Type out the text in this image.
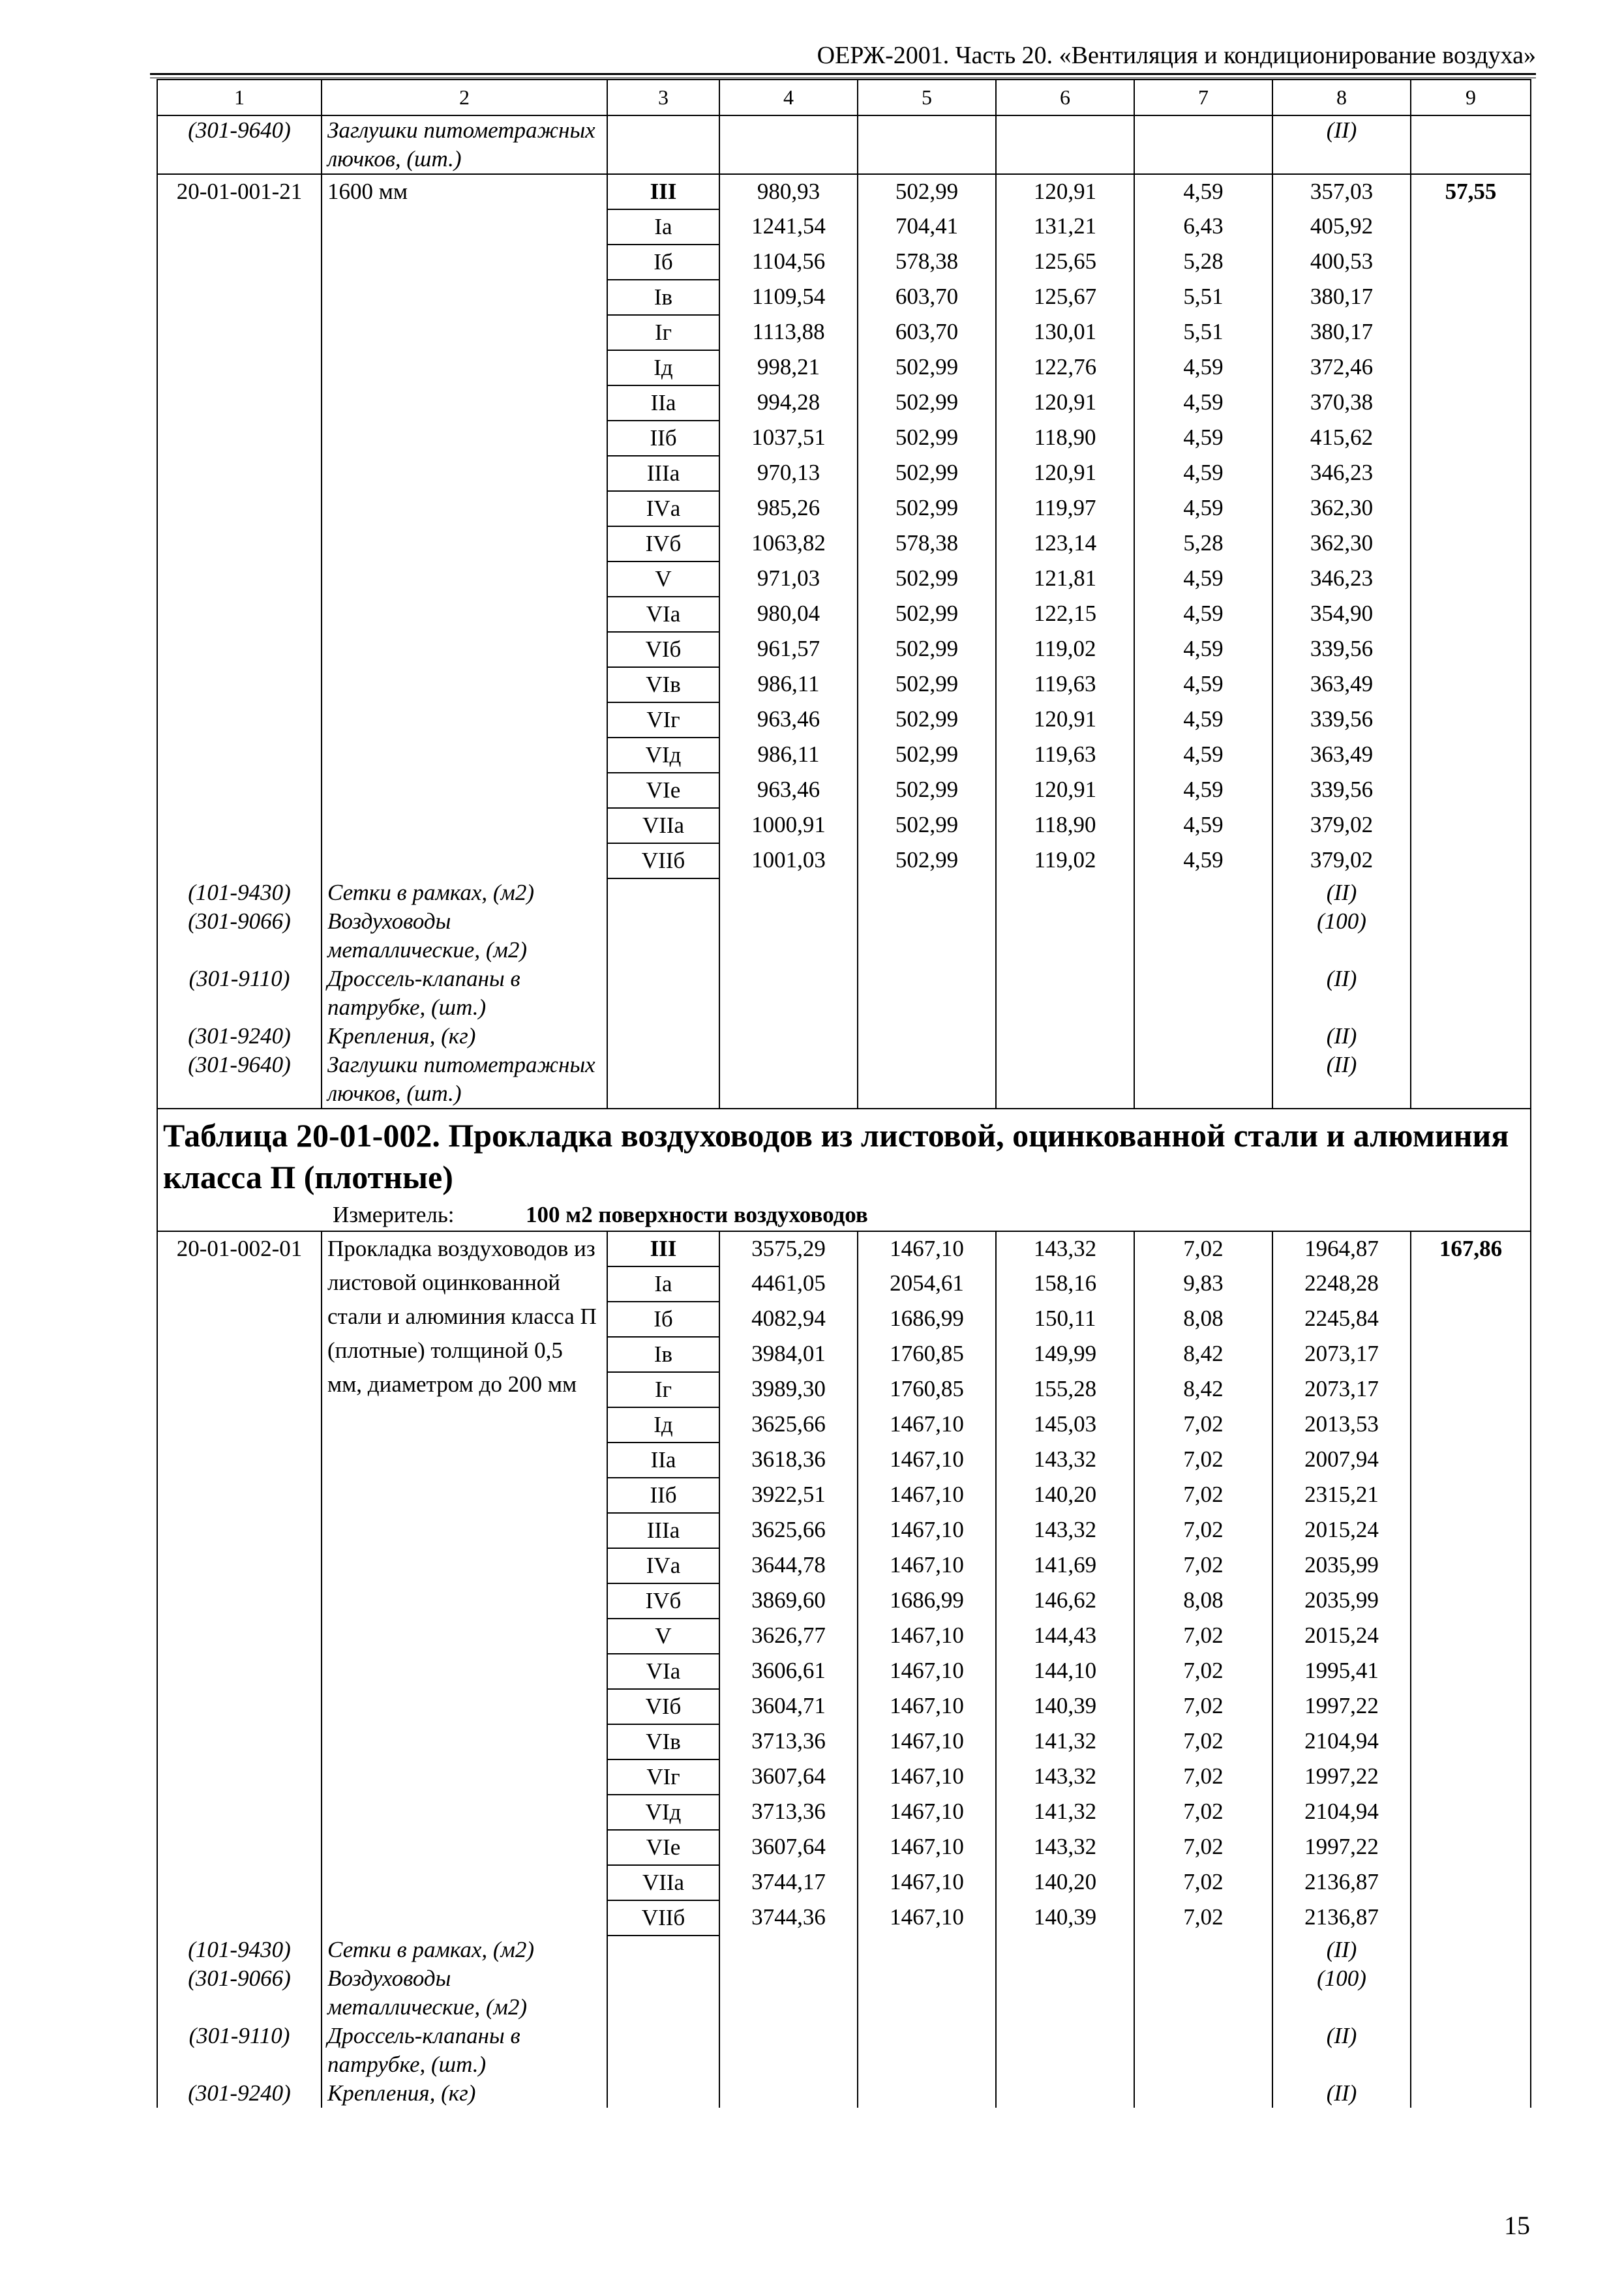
ОЕРЖ-2001. Часть 20. «Вентиляция и кондиционирование воздуха»
1	2	3	4	5	6	7	8	9
(301-9640)	Заглушки питометражных лючков, (шт.)						(II)	
20-01-001-21	1600 мм	III	980,93	502,99	120,91	4,59	357,03	57,55
		Iа	1241,54	704,41	131,21	6,43	405,92	
		Iб	1104,56	578,38	125,65	5,28	400,53	
		Iв	1109,54	603,70	125,67	5,51	380,17	
		Iг	1113,88	603,70	130,01	5,51	380,17	
		Iд	998,21	502,99	122,76	4,59	372,46	
		IIа	994,28	502,99	120,91	4,59	370,38	
		IIб	1037,51	502,99	118,90	4,59	415,62	
		IIIа	970,13	502,99	120,91	4,59	346,23	
		IVа	985,26	502,99	119,97	4,59	362,30	
		IVб	1063,82	578,38	123,14	5,28	362,30	
		V	971,03	502,99	121,81	4,59	346,23	
		VIа	980,04	502,99	122,15	4,59	354,90	
		VIб	961,57	502,99	119,02	4,59	339,56	
		VIв	986,11	502,99	119,63	4,59	363,49	
		VIг	963,46	502,99	120,91	4,59	339,56	
		VIд	986,11	502,99	119,63	4,59	363,49	
		VIе	963,46	502,99	120,91	4,59	339,56	
		VIIа	1000,91	502,99	118,90	4,59	379,02	
		VIIб	1001,03	502,99	119,02	4,59	379,02	
(101-9430)	Сетки в рамках, (м2)						(II)	
(301-9066)	Воздуховоды металлические, (м2)						(100)	
(301-9110)	Дроссель-клапаны в патрубке, (шт.)						(II)	
(301-9240)	Крепления, (кг)						(II)	
(301-9640)	Заглушки питометражных лючков, (шт.)						(II)	
Таблица 20-01-002. Прокладка воздуховодов из листовой, оцинкованной стали и алюминия класса П (плотные)								
Измеритель: 100 м2 поверхности воздуховодов								
20-01-002-01	Прокладка воздуховодов из листовой оцинкованной стали и алюминия класса П (плотные) толщиной 0,5 мм, диаметром до 200 мм	III	3575,29	1467,10	143,32	7,02	1964,87	167,86
		Iа	4461,05	2054,61	158,16	9,83	2248,28	
		Iб	4082,94	1686,99	150,11	8,08	2245,84	
		Iв	3984,01	1760,85	149,99	8,42	2073,17	
		Iг	3989,30	1760,85	155,28	8,42	2073,17	
		Iд	3625,66	1467,10	145,03	7,02	2013,53	
		IIа	3618,36	1467,10	143,32	7,02	2007,94	
		IIб	3922,51	1467,10	140,20	7,02	2315,21	
		IIIа	3625,66	1467,10	143,32	7,02	2015,24	
		IVа	3644,78	1467,10	141,69	7,02	2035,99	
		IVб	3869,60	1686,99	146,62	8,08	2035,99	
		V	3626,77	1467,10	144,43	7,02	2015,24	
		VIа	3606,61	1467,10	144,10	7,02	1995,41	
		VIб	3604,71	1467,10	140,39	7,02	1997,22	
		VIв	3713,36	1467,10	141,32	7,02	2104,94	
		VIг	3607,64	1467,10	143,32	7,02	1997,22	
		VIд	3713,36	1467,10	141,32	7,02	2104,94	
		VIе	3607,64	1467,10	143,32	7,02	1997,22	
		VIIа	3744,17	1467,10	140,20	7,02	2136,87	
		VIIб	3744,36	1467,10	140,39	7,02	2136,87	
(101-9430)	Сетки в рамках, (м2)						(II)	
(301-9066)	Воздуховоды металлические, (м2)						(100)	
(301-9110)	Дроссель-клапаны в патрубке, (шт.)						(II)	
(301-9240)	Крепления, (кг)						(II)	
15
